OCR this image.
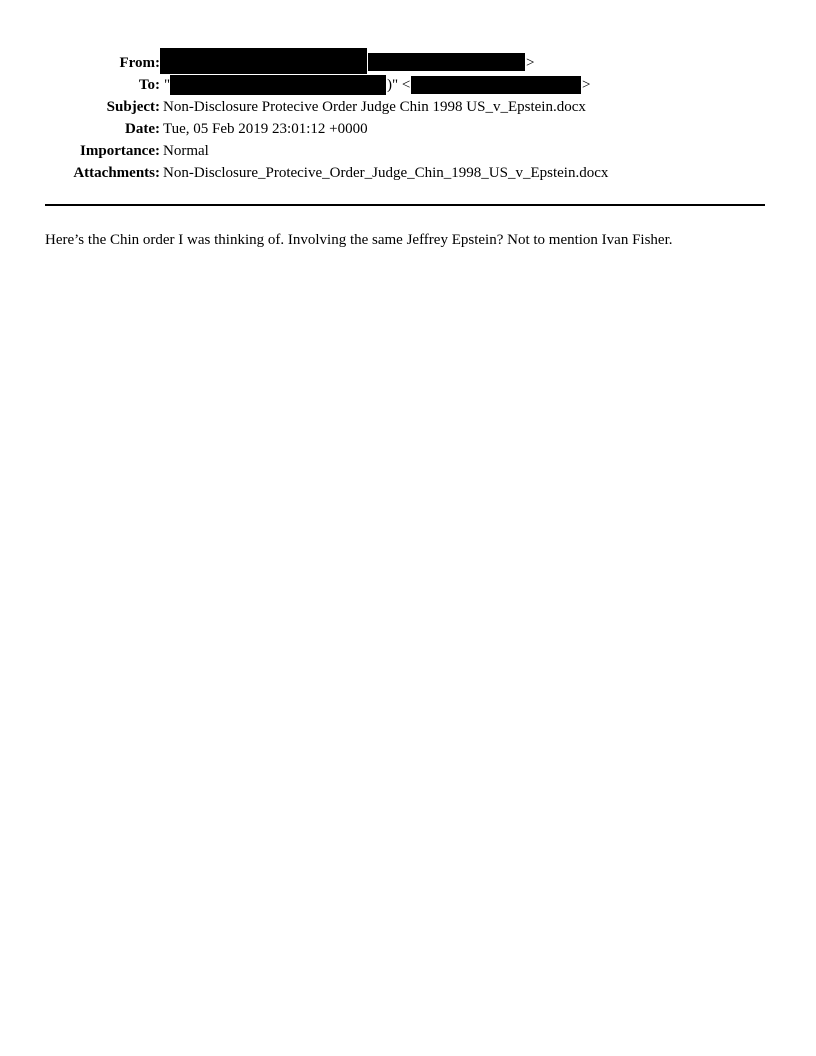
From:	>
To: "	)" <	>
Subject: Non-Disclosure Protecive Order Judge Chin 1998 US_v_Epstein.docx
Date: Tue, 05 Feb 2019 23:01:12 +0000
Importance: Normal
Attachments: Non-Disclosure_Protecive_Order_Judge_Chin_1998_US_v_Epstein.docx
Here’s the Chin order I was thinking of. Involving the same Jeffrey Epstein? Not to mention Ivan Fisher.
